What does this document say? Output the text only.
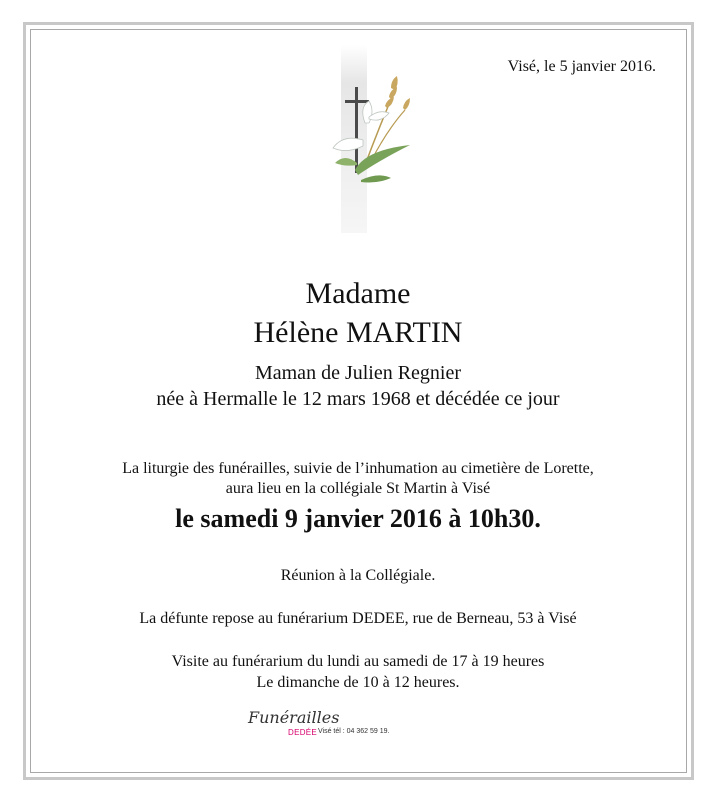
Visé, le 5 janvier 2016.
Madame
Hélène MARTIN
Maman de Julien Regnier
née à Hermalle le 12 mars 1968 et décédée ce jour
La liturgie des funérailles, suivie de l’inhumation au cimetière de Lorette,
aura lieu en la collégiale St Martin à Visé
le samedi 9 janvier 2016 à 10h30.
Réunion à la Collégiale.
La défunte repose au funérarium DEDEE, rue de Berneau, 53 à Visé
Visite au funérarium du lundi au samedi de 17 à 19 heures
Le dimanche de 10 à 12 heures.
Funérailles
DEDÉE Visé tél : 04 362 59 19.
